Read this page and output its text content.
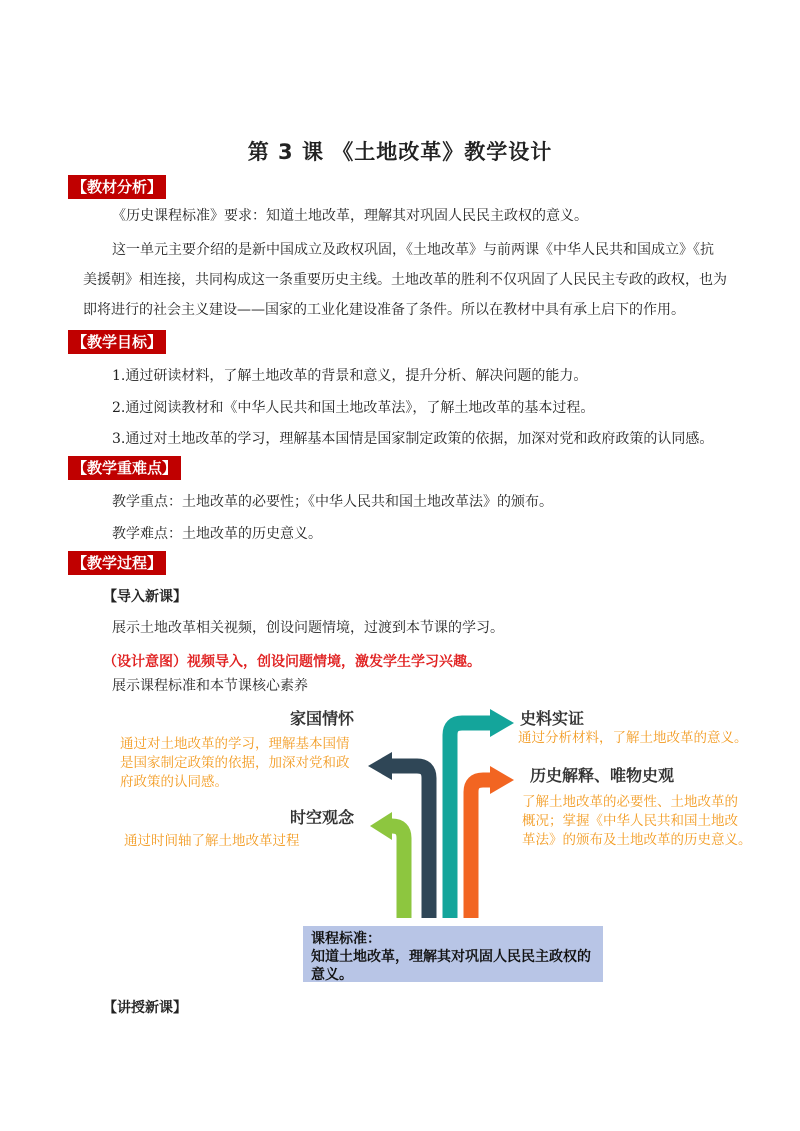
第 3 课 《土地改革》教学设计
【教材分析】
《历史课程标准》要求：知道土地改革，理解其对巩固人民民主政权的意义。
这一单元主要介绍的是新中国成立及政权巩固，《土地改革》与前两课《中华人民共和国成立》《抗
美援朝》相连接，共同构成这一条重要历史主线。土地改革的胜利不仅巩固了人民民主专政的政权，也为
即将进行的社会主义建设——国家的工业化建设准备了条件。所以在教材中具有承上启下的作用。
【教学目标】
1.通过研读材料，了解土地改革的背景和意义，提升分析、解决问题的能力。
2.通过阅读教材和《中华人民共和国土地改革法》，了解土地改革的基本过程。
3.通过对土地改革的学习，理解基本国情是国家制定政策的依据，加深对党和政府政策的认同感。
【教学重难点】
教学重点：土地改革的必要性；《中华人民共和国土地改革法》的颁布。
教学难点：土地改革的历史意义。
【教学过程】
【导入新课】
展示土地改革相关视频，创设问题情境，过渡到本节课的学习。
（设计意图）视频导入，创设问题情境，激发学生学习兴趣。
展示课程标准和本节课核心素养
家国情怀
通过对土地改革的学习，理解基本国情
是国家制定政策的依据，加深对党和政
府政策的认同感。
时空观念
通过时间轴了解土地改革过程
史料实证
通过分析材料，了解土地改革的意义。
历史解释、唯物史观
了解土地改革的必要性、土地改革的
概况；掌握《中华人民共和国土地改
革法》的颁布及土地改革的历史意义。
课程标准：
知道土地改革，理解其对巩固人民民主政权的
意义。
【讲授新课】
